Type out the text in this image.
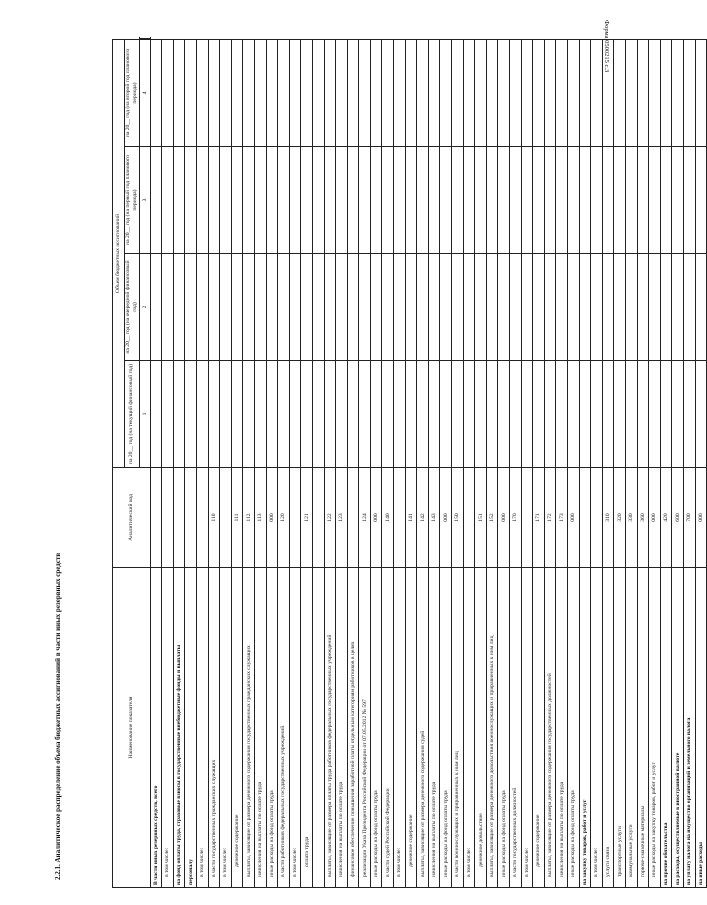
Форма 0500215 с.3
2.2.1. Аналитическое распределение объема бюджетных ассигнований в части иных резервных средств	Наименование показателя	Аналитический код	Объем бюджетных ассигнований				
		на 20__ год (на текущий финансовый год)	на 20__ год (на очередной финансовый год)	на 20__ год (на первый год планового периода)	на 20__ год (на второй год планового периода)	
		1	2	3	4		
В части иных резервных средств, всего						
в том числе:						
на фонд оплаты труда, страховые взносы в государственные внебюджетные фонды и выплаты						
персоналу						
в том числе:						
в части государственных гражданских служащих	110					
в том числе:						
денежное содержание	111					
выплаты, зависящие от размера денежного содержания государственных гражданских служащих	112					
начисления на выплаты по оплате труда	113					
иные расходы на фонд оплаты труда	000					
в части работников федеральных государственных учреждений	120					
в том числе:						
оплата труда	121					

выплаты, зависящие от размера оплаты труда работников федеральных государственных учреждений	122					
начисления на выплаты по оплате труда	123					
финансовое обеспечение повышения заработной платы отдельным категориям работников в целях						
реализации Указа Президента Российской Федерации от 07.05.2012 № 597	124					
иные расходы на фонд оплаты труда	000					
в части судей Российской Федерации	140					
в том числе:						
денежное содержание	141					
выплаты, зависящие от размера денежного содержания судей	142					
начисления на выплаты по оплате труда	143					
иные расходы на фонд оплаты труда	000					
в части военнослужащих и приравненных к ним лиц	150					
в том числе:						
денежное довольствие	151					
выплаты, зависящие от размера денежного довольствия военнослужащих и приравненных к ним лиц	152					
иные расходы на фонд оплаты труда	000					
в части государственных должностей	170					
в том числе:						
денежное содержание	171					
выплаты, зависящие от размера денежного содержания государственных должностей	172					
начисления на выплаты по оплате труда	173					
иные расходы на фонд оплаты труда	000					
на закупку товаров, работ и услуг						
в том числе:						
услуги связи	310					
транспортные услуги	320					
коммунальные услуги	330					
горюче-смазочные материалы	360					
иные расходы на закупку товаров, работ и услуг	000					
на прочие обязательства	420					
на расходы, осуществляемые в иностранной валюте	600					
на уплату налога на имущество организаций и земельного налога	700					
на иные расходы	000					
